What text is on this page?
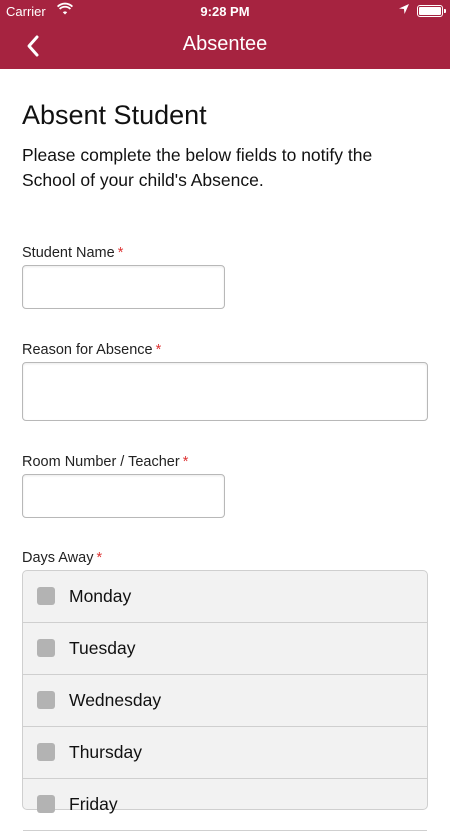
Carrier	9:28 PM
Absentee
Absent Student
Please complete the below fields to notify the School of your child's Absence.
Student Name *
Reason for Absence *
Room Number / Teacher *
Days Away *
Monday
Tuesday
Wednesday
Thursday
Friday
